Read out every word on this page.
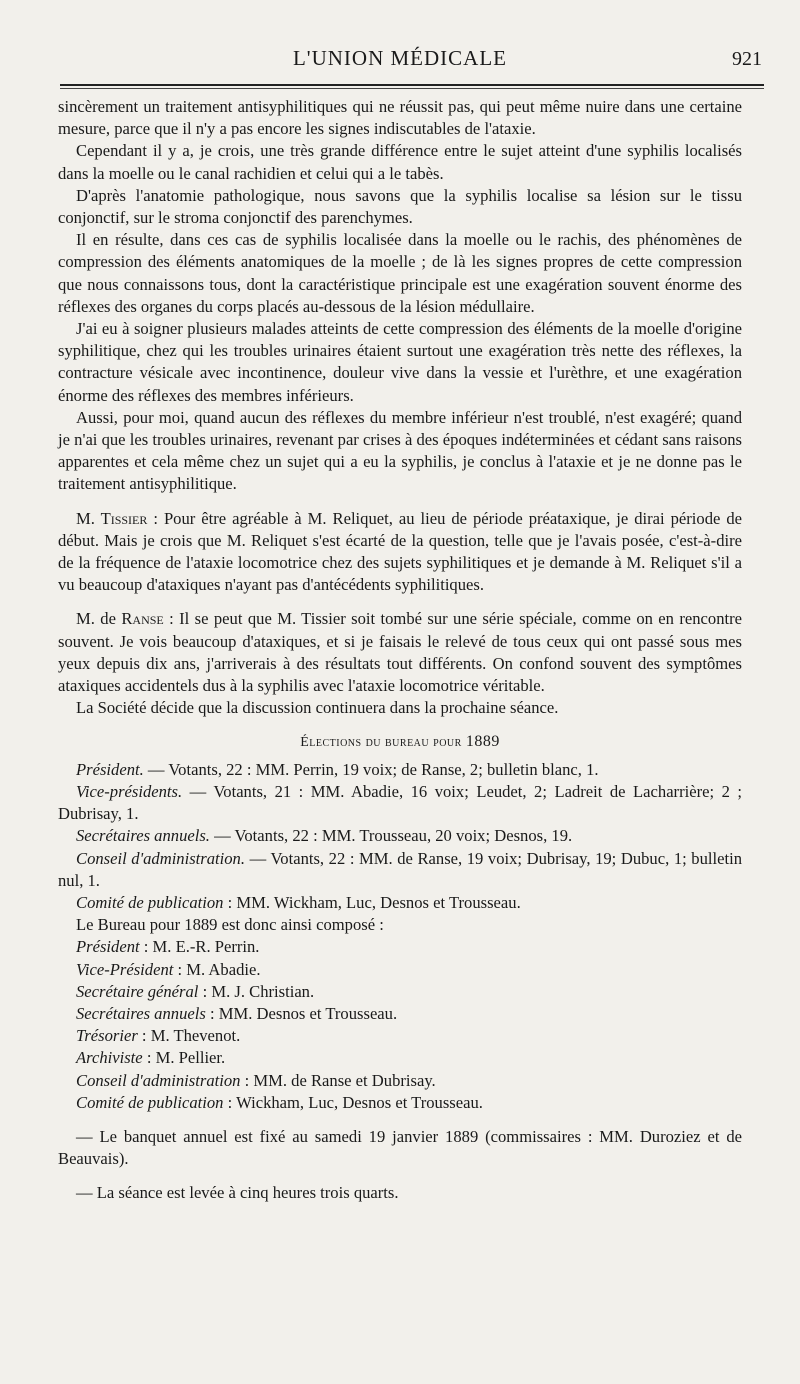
L'UNION MÉDICALE	921

sincèrement un traitement antisyphilitiques qui ne réussit pas, qui peut même nuire dans une certaine mesure, parce que il n'y a pas encore les signes indiscutables de l'ataxie.

Cependant il y a, je crois, une très grande différence entre le sujet atteint d'une syphilis localisés dans la moelle ou le canal rachidien et celui qui a le tabès.

D'après l'anatomie pathologique, nous savons que la syphilis localise sa lésion sur le tissu conjonctif, sur le stroma conjonctif des parenchymes.

Il en résulte, dans ces cas de syphilis localisée dans la moelle ou le rachis, des phénomènes de compression des éléments anatomiques de la moelle ; de là les signes propres de cette compression que nous connaissons tous, dont la caractéristique principale est une exagération souvent énorme des réflexes des organes du corps placés au-dessous de la lésion médullaire.

J'ai eu à soigner plusieurs malades atteints de cette compression des éléments de la moelle d'origine syphilitique, chez qui les troubles urinaires étaient surtout une exagération très nette des réflexes, la contracture vésicale avec incontinence, douleur vive dans la vessie et l'urèthre, et une exagération énorme des réflexes des membres inférieurs.

Aussi, pour moi, quand aucun des réflexes du membre inférieur n'est troublé, n'est exagéré; quand je n'ai que les troubles urinaires, revenant par crises à des époques indéterminées et cédant sans raisons apparentes et cela même chez un sujet qui a eu la syphilis, je conclus à l'ataxie et je ne donne pas le traitement antisyphilitique.

M. Tissier : Pour être agréable à M. Reliquet, au lieu de période préataxique, je dirai période de début. Mais je crois que M. Reliquet s'est écarté de la question, telle que je l'avais posée, c'est-à-dire de la fréquence de l'ataxie locomotrice chez des sujets syphilitiques et je demande à M. Reliquet s'il a vu beaucoup d'ataxiques n'ayant pas d'antécédents syphilitiques.

M. de Ranse : Il se peut que M. Tissier soit tombé sur une série spéciale, comme on en rencontre souvent. Je vois beaucoup d'ataxiques, et si je faisais le relevé de tous ceux qui ont passé sous mes yeux depuis dix ans, j'arriverais à des résultats tout différents. On confond souvent des symptômes ataxiques accidentels dus à la syphilis avec l'ataxie locomotrice véritable.

La Société décide que la discussion continuera dans la prochaine séance.

Élections du bureau pour 1889

Président. — Votants, 22 : MM. Perrin, 19 voix; de Ranse, 2; bulletin blanc, 1.

Vice-présidents. — Votants, 21 : MM. Abadie, 16 voix; Leudet, 2; Ladreit de Lacharrière; 2 ; Dubrisay, 1.

Secrétaires annuels. — Votants, 22 : MM. Trousseau, 20 voix; Desnos, 19.

Conseil d'administration. — Votants, 22 : MM. de Ranse, 19 voix; Dubrisay, 19; Dubuc, 1; bulletin nul, 1.

Comité de publication : MM. Wickham, Luc, Desnos et Trousseau.

Le Bureau pour 1889 est donc ainsi composé :

Président : M. E.-R. Perrin.

Vice-Président : M. Abadie.

Secrétaire général : M. J. Christian.

Secrétaires annuels : MM. Desnos et Trousseau.

Trésorier : M. Thevenot.

Archiviste : M. Pellier.

Conseil d'administration : MM. de Ranse et Dubrisay.

Comité de publication : Wickham, Luc, Desnos et Trousseau.

— Le banquet annuel est fixé au samedi 19 janvier 1889 (commissaires : MM. Duroziez et de Beauvais).

— La séance est levée à cinq heures trois quarts.
